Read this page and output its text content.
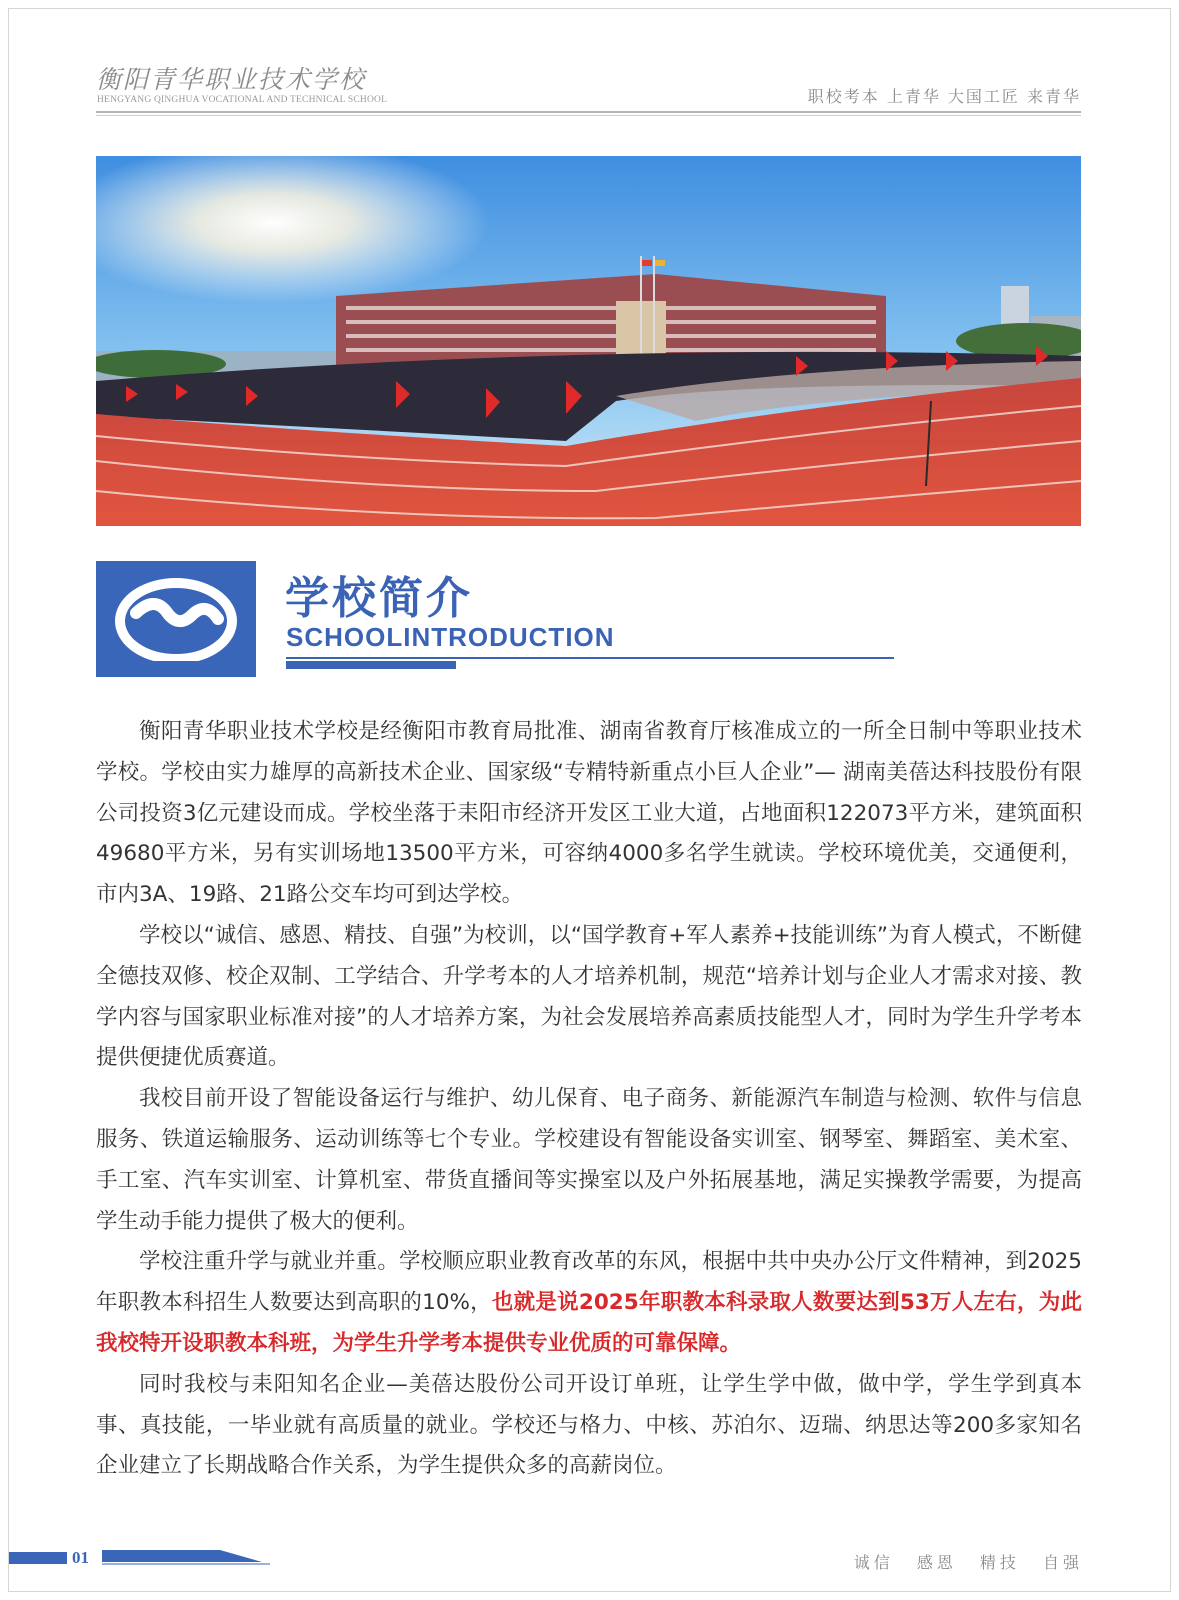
衡阳青华职业技术学校
HENGYANG QINGHUA VOCATIONAL AND TECHNICAL SCHOOL	职校考本 上青华 大国工匠 来青华
学校简介
SCHOOLINTRODUCTION

衡阳青华职业技术学校是经衡阳市教育局批准、湖南省教育厅核准成立的一所全日制中等职业技术学校。学校由实力雄厚的高新技术企业、国家级“专精特新重点小巨人企业”— 湖南美蓓达科技股份有限公司投资3亿元建设而成。学校坐落于耒阳市经济开发区工业大道，占地面积122073平方米，建筑面积49680平方米，另有实训场地13500平方米，可容纳4000多名学生就读。学校环境优美，交通便利，市内3A、19路、21路公交车均可到达学校。

学校以“诚信、感恩、精技、自强”为校训，以“国学教育+军人素养+技能训练”为育人模式，不断健全德技双修、校企双制、工学结合、升学考本的人才培养机制，规范“培养计划与企业人才需求对接、教学内容与国家职业标准对接”的人才培养方案，为社会发展培养高素质技能型人才，同时为学生升学考本提供便捷优质赛道。

我校目前开设了智能设备运行与维护、幼儿保育、电子商务、新能源汽车制造与检测、软件与信息服务、铁道运输服务、运动训练等七个专业。学校建设有智能设备实训室、钢琴室、舞蹈室、美术室、手工室、汽车实训室、计算机室、带货直播间等实操室以及户外拓展基地，满足实操教学需要，为提高学生动手能力提供了极大的便利。

学校注重升学与就业并重。学校顺应职业教育改革的东风，根据中共中央办公厅文件精神，到2025年职教本科招生人数要达到高职的10%，也就是说2025年职教本科录取人数要达到53万人左右，为此我校特开设职教本科班，为学生升学考本提供专业优质的可靠保障。

同时我校与耒阳知名企业—美蓓达股份公司开设订单班，让学生学中做，做中学，学生学到真本事、真技能，一毕业就有高质量的就业。学校还与格力、中核、苏泊尔、迈瑞、纳思达等200多家知名企业建立了长期战略合作关系，为学生提供众多的高薪岗位。

01	诚信 感恩 精技 自强
